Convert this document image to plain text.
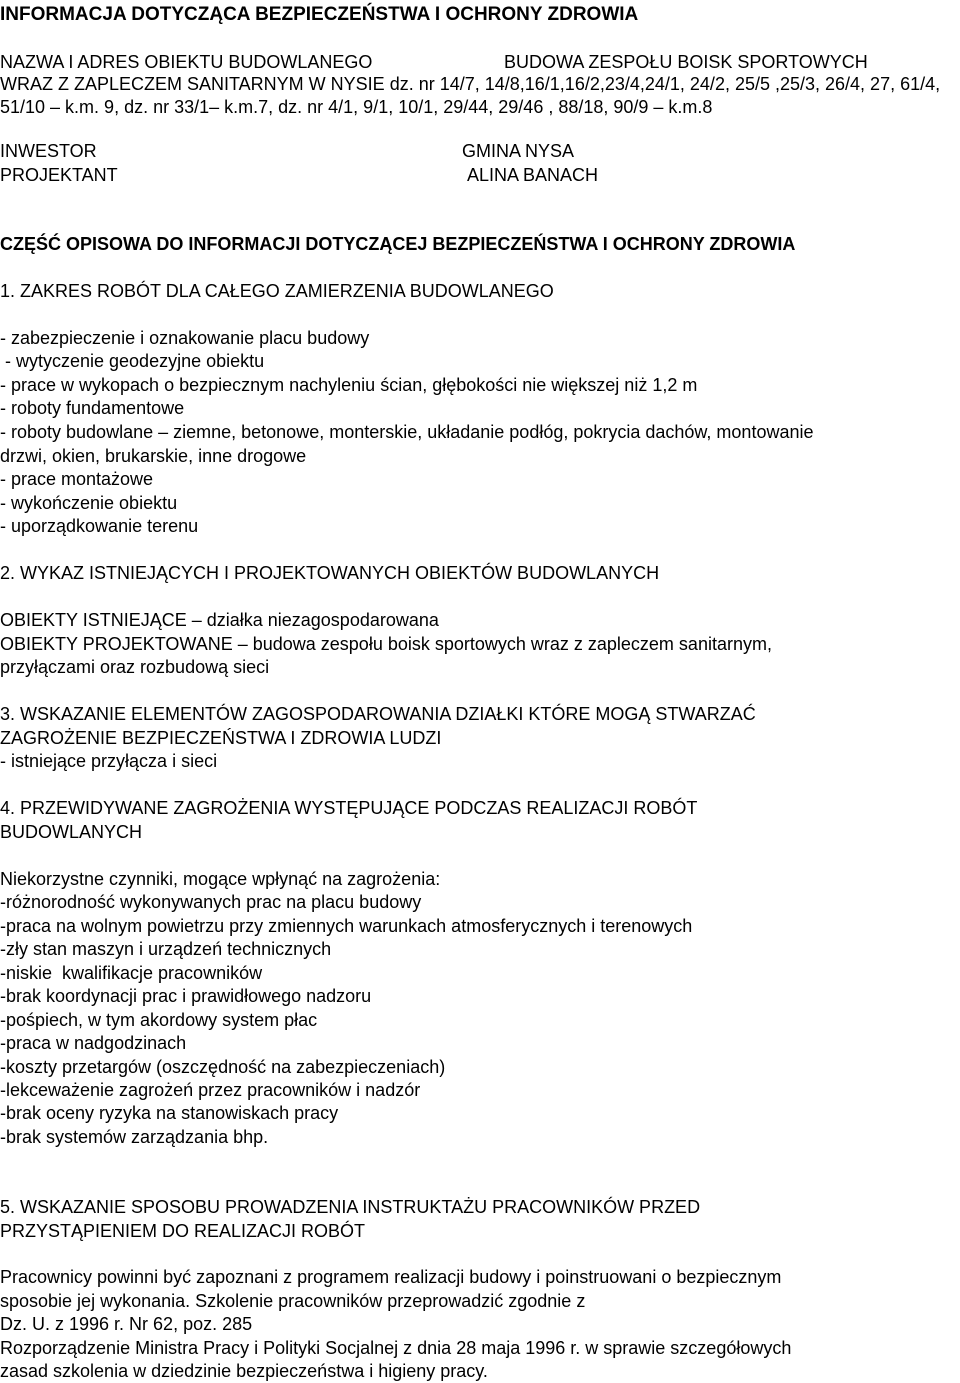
INFORMACJA DOTYCZĄCA BEZPIECZEŃSTWA I OCHRONY ZDROWIA
NAZWA I ADRES OBIEKTU BUDOWLANEGO	BUDOWA ZESPOŁU BOISK SPORTOWYCH
WRAZ Z ZAPLECZEM SANITARNYM W NYSIE dz. nr 14/7, 14/8,16/1,16/2,23/4,24/1, 24/2, 25/5 ,25/3, 26/4, 27, 61/4,
51/10 – k.m. 9, dz. nr 33/1– k.m.7, dz. nr 4/1, 9/1, 10/1, 29/44, 29/46 , 88/18, 90/9 – k.m.8
INWESTOR	GMINA NYSA
PROJEKTANT	ALINA BANACH
CZĘŚĆ OPISOWA DO INFORMACJI DOTYCZĄCEJ BEZPIECZEŃSTWA I OCHRONY ZDROWIA
1. ZAKRES ROBÓT DLA CAŁEGO ZAMIERZENIA BUDOWLANEGO
- zabezpieczenie i oznakowanie placu budowy
- wytyczenie geodezyjne obiektu
- prace w wykopach o bezpiecznym nachyleniu ścian, głębokości nie większej niż 1,2 m
- roboty fundamentowe
- roboty budowlane – ziemne, betonowe, monterskie, układanie podłóg, pokrycia dachów, montowanie
drzwi, okien, brukarskie, inne drogowe
- prace montażowe
- wykończenie obiektu
- uporządkowanie terenu
2. WYKAZ ISTNIEJĄCYCH I PROJEKTOWANYCH OBIEKTÓW BUDOWLANYCH
OBIEKTY ISTNIEJĄCE – działka niezagospodarowana
OBIEKTY PROJEKTOWANE – budowa zespołu boisk sportowych wraz z zapleczem sanitarnym,
przyłączami oraz rozbudową sieci
3. WSKAZANIE ELEMENTÓW ZAGOSPODAROWANIA DZIAŁKI KTÓRE MOGĄ STWARZAĆ
ZAGROŻENIE BEZPIECZEŃSTWA I ZDROWIA LUDZI
- istniejące przyłącza i sieci
4. PRZEWIDYWANE ZAGROŻENIA WYSTĘPUJĄCE PODCZAS REALIZACJI ROBÓT
BUDOWLANYCH
Niekorzystne czynniki, mogące wpłynąć na zagrożenia:
-różnorodność wykonywanych prac na placu budowy
-praca na wolnym powietrzu przy zmiennych warunkach atmosferycznych i terenowych
-zły stan maszyn i urządzeń technicznych
-niskie  kwalifikacje pracowników
-brak koordynacji prac i prawidłowego nadzoru
-pośpiech, w tym akordowy system płac
-praca w nadgodzinach
-koszty przetargów (oszczędność na zabezpieczeniach)
-lekceważenie zagrożeń przez pracowników i nadzór
-brak oceny ryzyka na stanowiskach pracy
-brak systemów zarządzania bhp.
5. WSKAZANIE SPOSOBU PROWADZENIA INSTRUKTAŻU PRACOWNIKÓW PRZED
PRZYSTĄPIENIEM DO REALIZACJI ROBÓT
Pracownicy powinni być zapoznani z programem realizacji budowy i poinstruowani o bezpiecznym
sposobie jej wykonania. Szkolenie pracowników przeprowadzić zgodnie z
Dz. U. z 1996 r. Nr 62, poz. 285
Rozporządzenie Ministra Pracy i Polityki Socjalnej z dnia 28 maja 1996 r. w sprawie szczegółowych
zasad szkolenia w dziedzinie bezpieczeństwa i higieny pracy.
